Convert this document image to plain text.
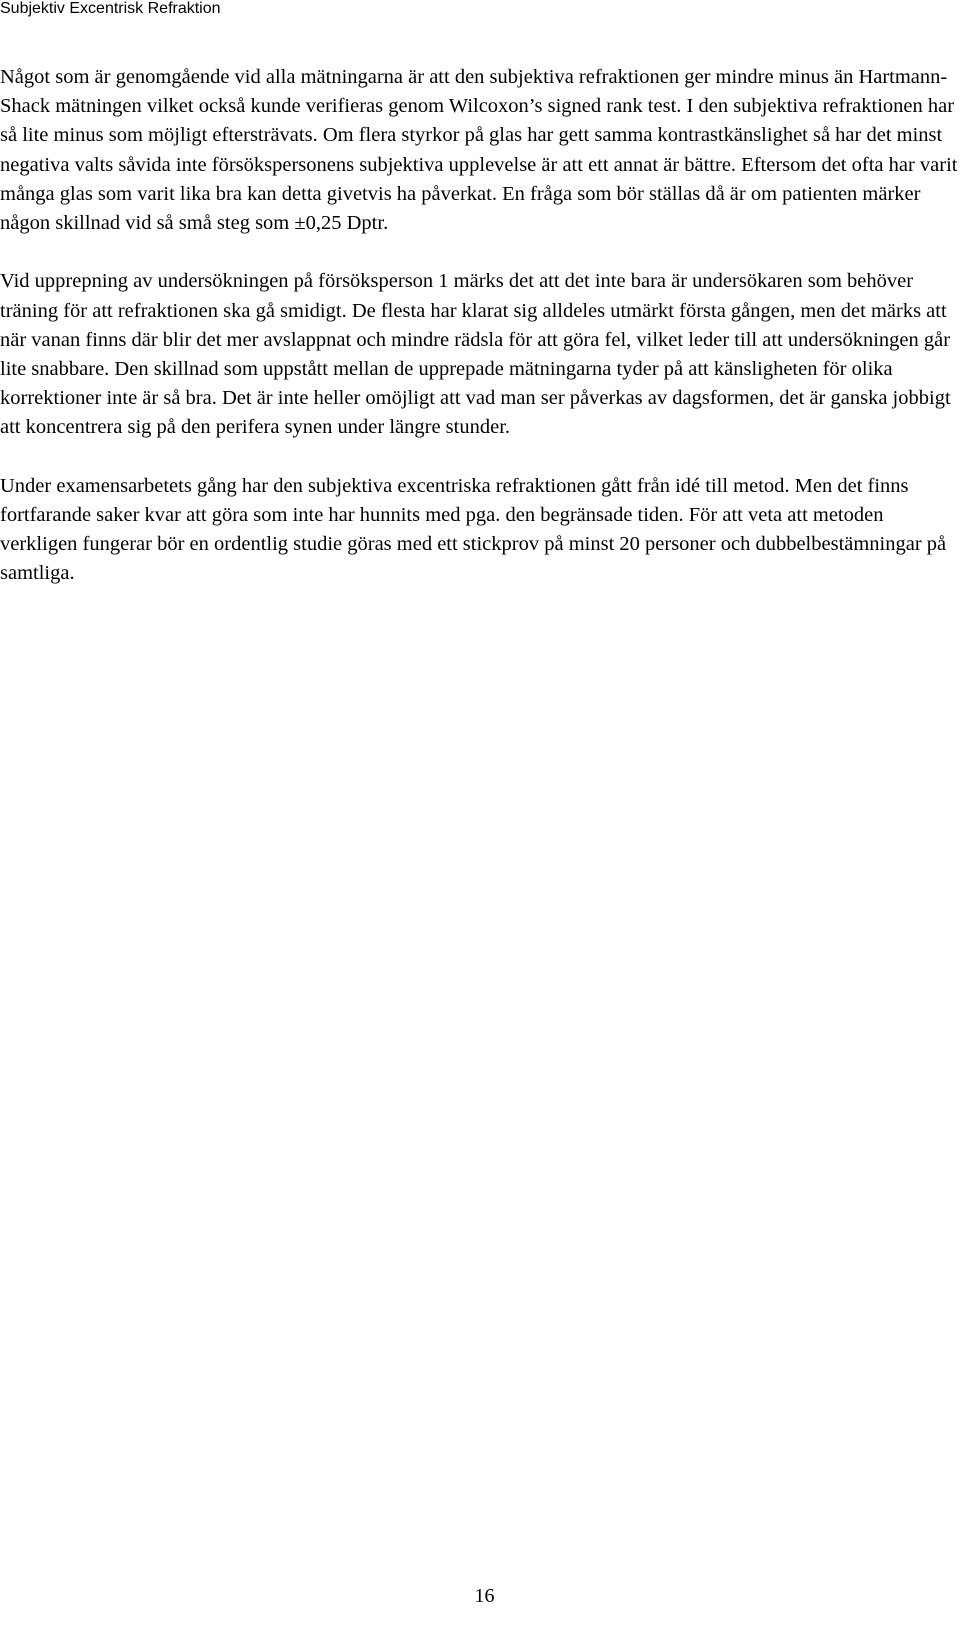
Subjektiv Excentrisk Refraktion

Något som är genomgående vid alla mätningarna är att den subjektiva refraktionen ger mindre minus än Hartmann-Shack mätningen vilket också kunde verifieras genom Wilcoxon’s signed rank test. I den subjektiva refraktionen har så lite minus som möjligt eftersträvats. Om flera styrkor på glas har gett samma kontrastkänslighet så har det minst negativa valts såvida inte försökspersonens subjektiva upplevelse är att ett annat är bättre. Eftersom det ofta har varit många glas som varit lika bra kan detta givetvis ha påverkat. En fråga som bör ställas då är om patienten märker någon skillnad vid så små steg som ±0,25 Dptr.

Vid upprepning av undersökningen på försöksperson 1 märks det att det inte bara är undersökaren som behöver träning för att refraktionen ska gå smidigt. De flesta har klarat sig alldeles utmärkt första gången, men det märks att när vanan finns där blir det mer avslappnat och mindre rädsla för att göra fel, vilket leder till att undersökningen går lite snabbare. Den skillnad som uppstått mellan de upprepade mätningarna tyder på att känsligheten för olika korrektioner inte är så bra. Det är inte heller omöjligt att vad man ser påverkas av dagsformen, det är ganska jobbigt att koncentrera sig på den perifera synen under längre stunder.

Under examensarbetets gång har den subjektiva excentriska refraktionen gått från idé till metod. Men det finns fortfarande saker kvar att göra som inte har hunnits med pga. den begränsade tiden. För att veta att metoden verkligen fungerar bör en ordentlig studie göras med ett stickprov på minst 20 personer och dubbelbestämningar på samtliga.

16
